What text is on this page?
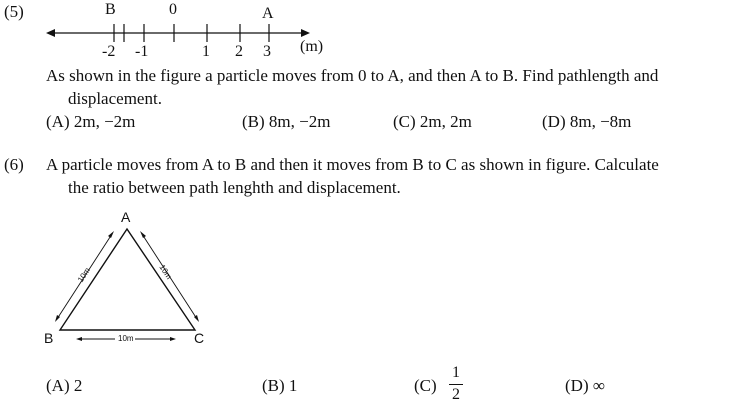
(5)	B	0	A
-2 -1	1 2 3 (m)
As shown in the figure a particle moves from 0 to A, and then A to B. Find pathlength and
displacement.
(A) 2m, −2m	(B) 8m, −2m	(C) 2m, 2m	(D) 8m, −8m
(6) A particle moves from A to B and then it moves from B to C as shown in figure. Calculate
the ratio between path lenghth and displacement.
A
B	C
10m	10m
10m
(A) 2	(B) 1	(C)
1
2	(D) ∞
